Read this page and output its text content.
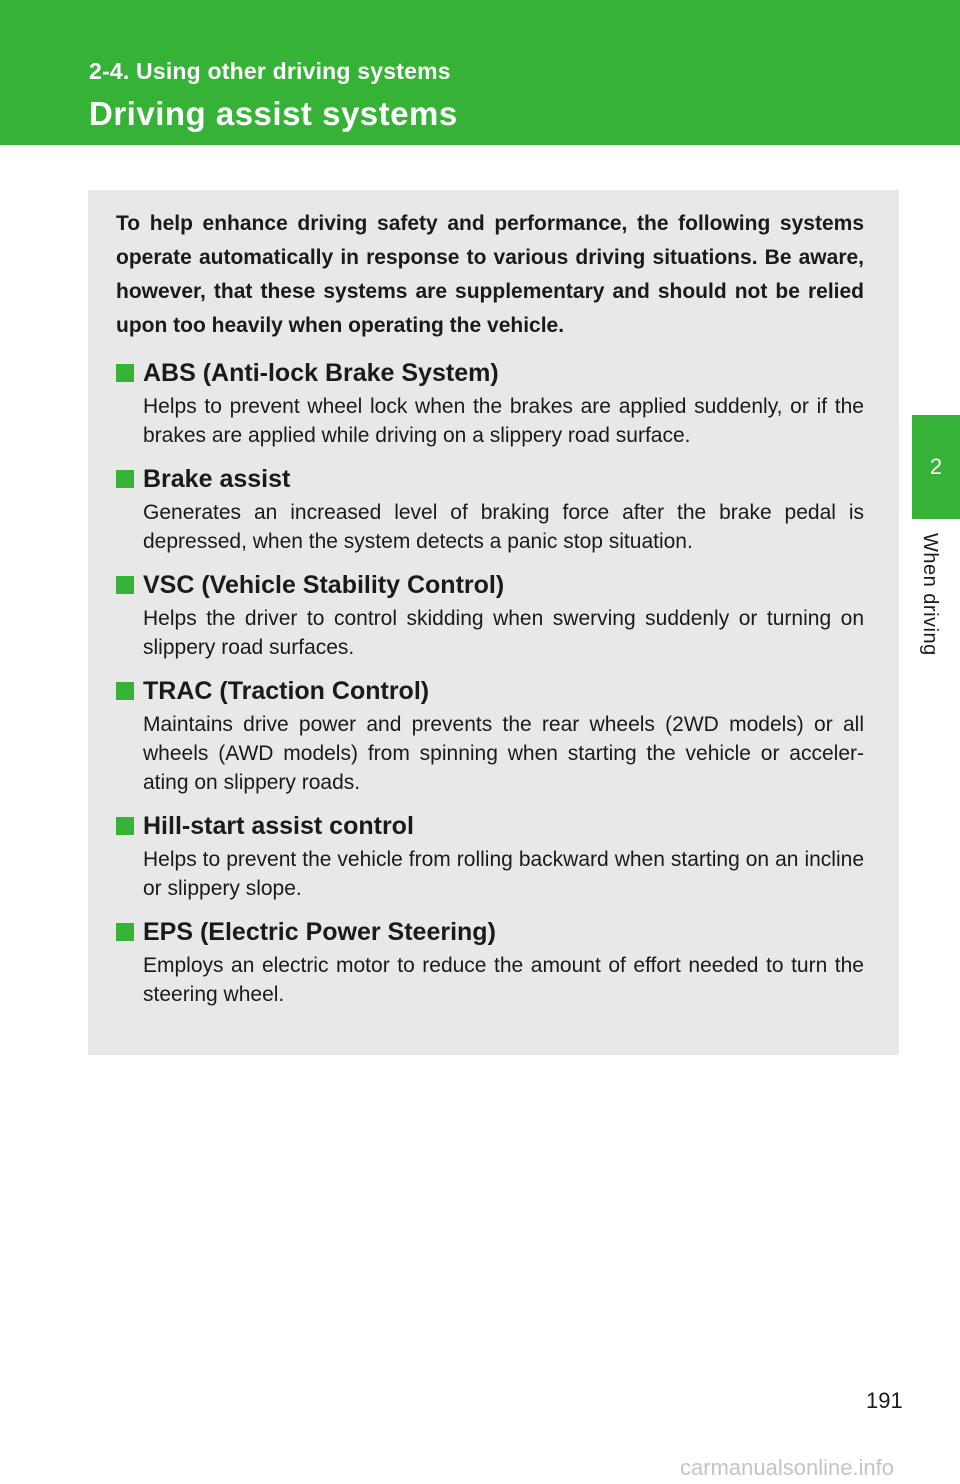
2-4. Using other driving systems
Driving assist systems
2
When driving

To help enhance driving safety and performance, the following systems operate automatically in response to various driving situations. Be aware, however, that these systems are supplementary and should not be relied upon too heavily when operating the vehicle.

ABS (Anti-lock Brake System)

Helps to prevent wheel lock when the brakes are applied suddenly, or if the brakes are applied while driving on a slippery road surface.

Brake assist

Generates an increased level of braking force after the brake pedal is depressed, when the system detects a panic stop situation.

VSC (Vehicle Stability Control)

Helps the driver to control skidding when swerving suddenly or turning on slippery road surfaces.

TRAC (Traction Control)

Maintains drive power and prevents the rear wheels (2WD models) or all wheels (AWD models) from spinning when starting the vehicle or acceler-ating on slippery roads.

Hill-start assist control

Helps to prevent the vehicle from rolling backward when starting on an incline or slippery slope.

EPS (Electric Power Steering)

Employs an electric motor to reduce the amount of effort needed to turn the steering wheel.

191
carmanualsonline.info
